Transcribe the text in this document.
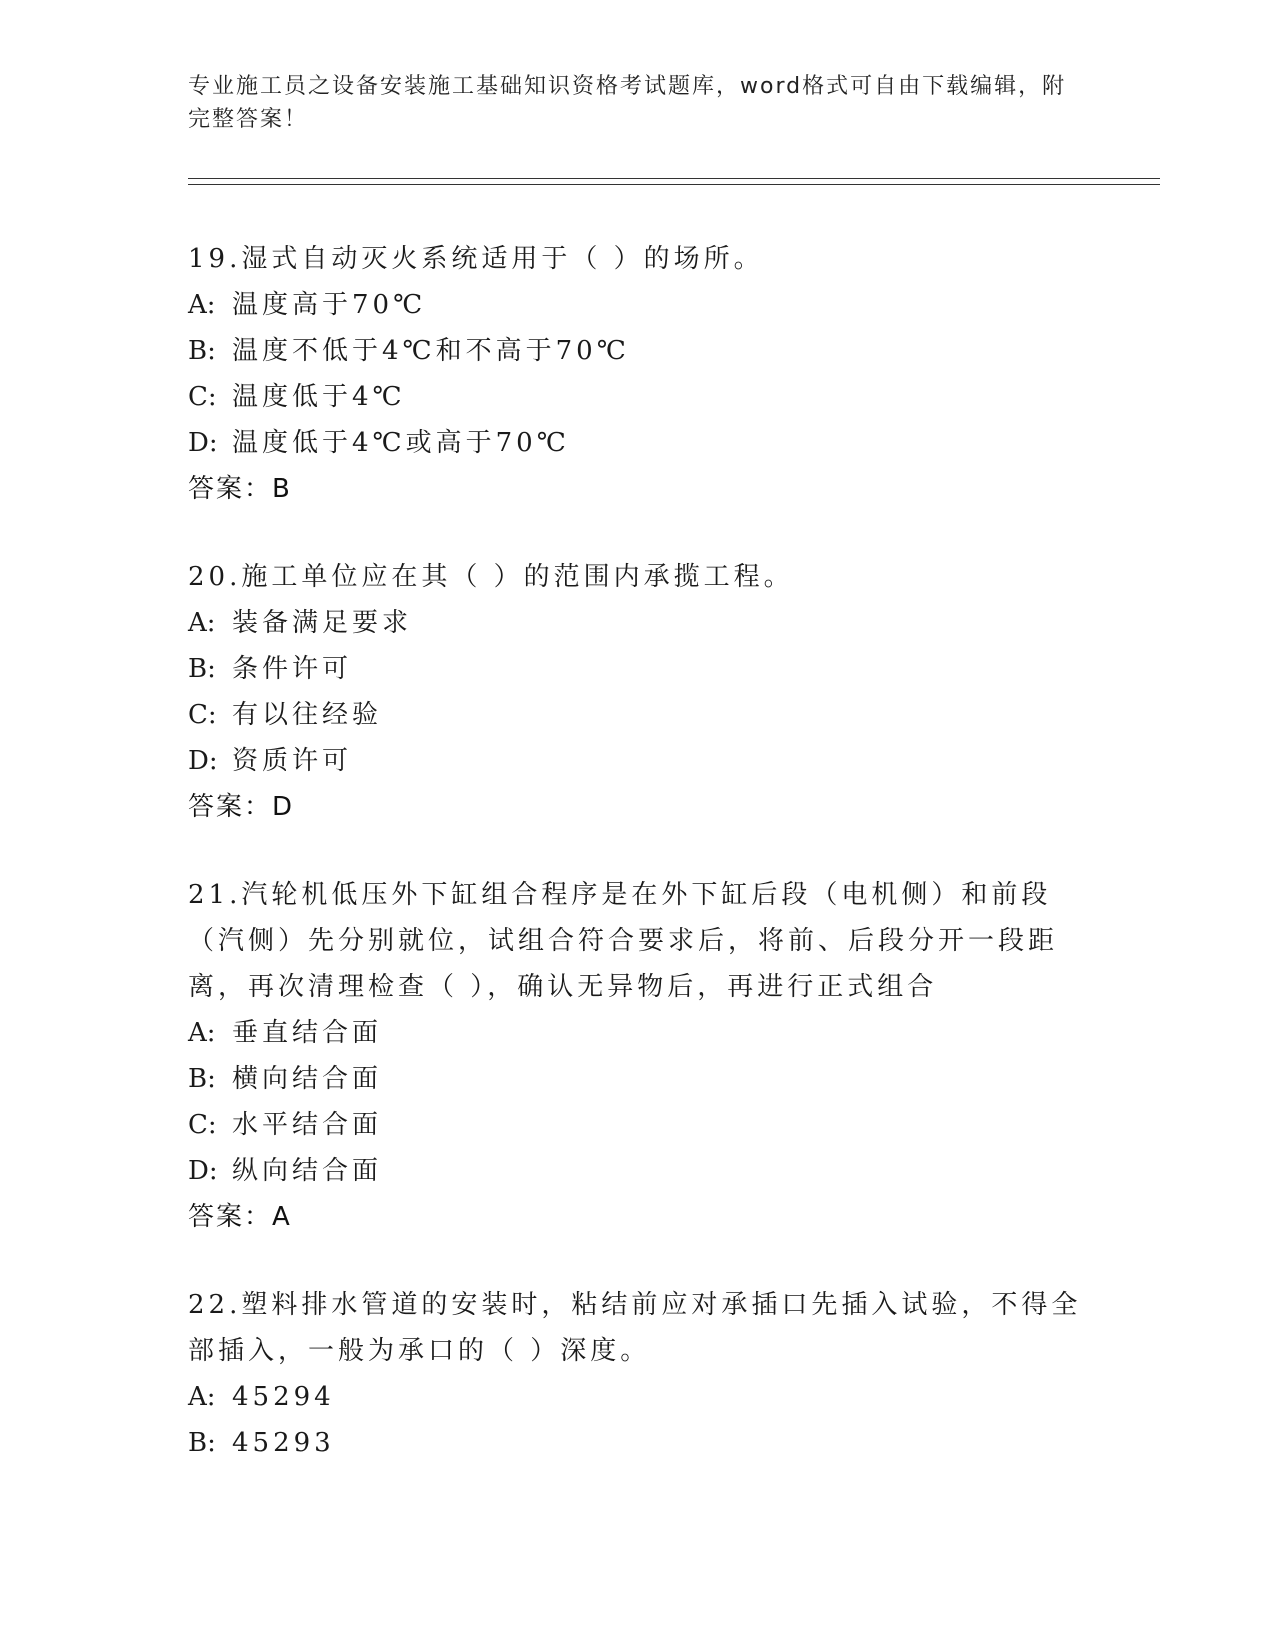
专业施工员之设备安装施工基础知识资格考试题库，word格式可自由下载编辑，附完整答案！
19.湿式自动灭火系统适用于（ ）的场所。
A: 温度高于70℃
B: 温度不低于4℃和不高于70℃
C: 温度低于4℃
D: 温度低于4℃或高于70℃
答案：B
20.施工单位应在其（ ）的范围内承揽工程。
A: 装备满足要求
B: 条件许可
C: 有以往经验
D: 资质许可
答案：D
21.汽轮机低压外下缸组合程序是在外下缸后段（电机侧）和前段（汽侧）先分别就位，试组合符合要求后，将前、后段分开一段距离，再次清理检查（ ），确认无异物后，再进行正式组合
A: 垂直结合面
B: 横向结合面
C: 水平结合面
D: 纵向结合面
答案：A
22.塑料排水管道的安装时，粘结前应对承插口先插入试验，不得全部插入，一般为承口的（ ）深度。
A: 45294
B: 45293
